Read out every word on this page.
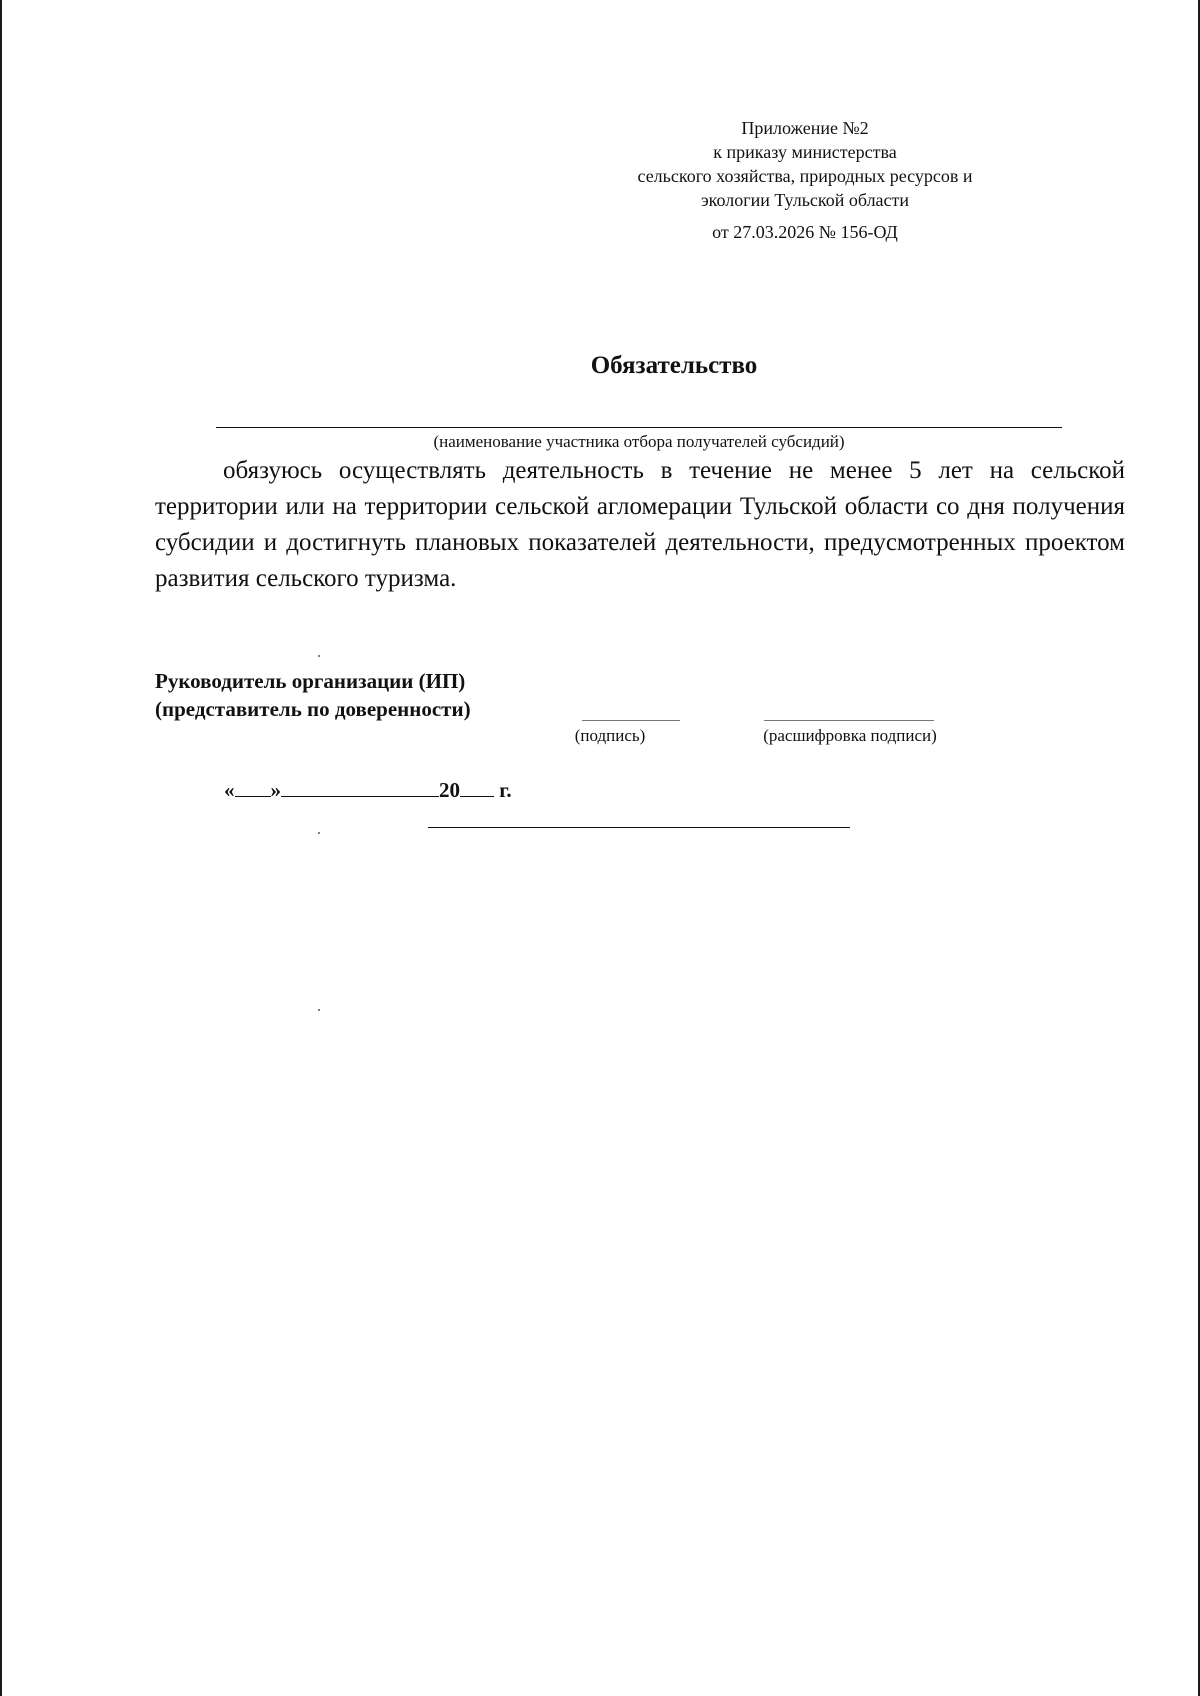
Приложение №2
к приказу министерства
сельского хозяйства, природных ресурсов и
экологии Тульской области
от 27.03.2026 № 156-ОД
Обязательство
(наименование участника отбора получателей субсидий)

обязуюсь осуществлять деятельность в течение не менее 5 лет на сельской территории или на территории сельской агломерации Тульской области со дня получения субсидии и достигнуть плановых показателей деятельности, предусмотренных проектом развития сельского туризма.

Руководитель организации (ИП)
(представитель по доверенности)
(подпись)	(расшифровка подписи)
« »	20 г.
